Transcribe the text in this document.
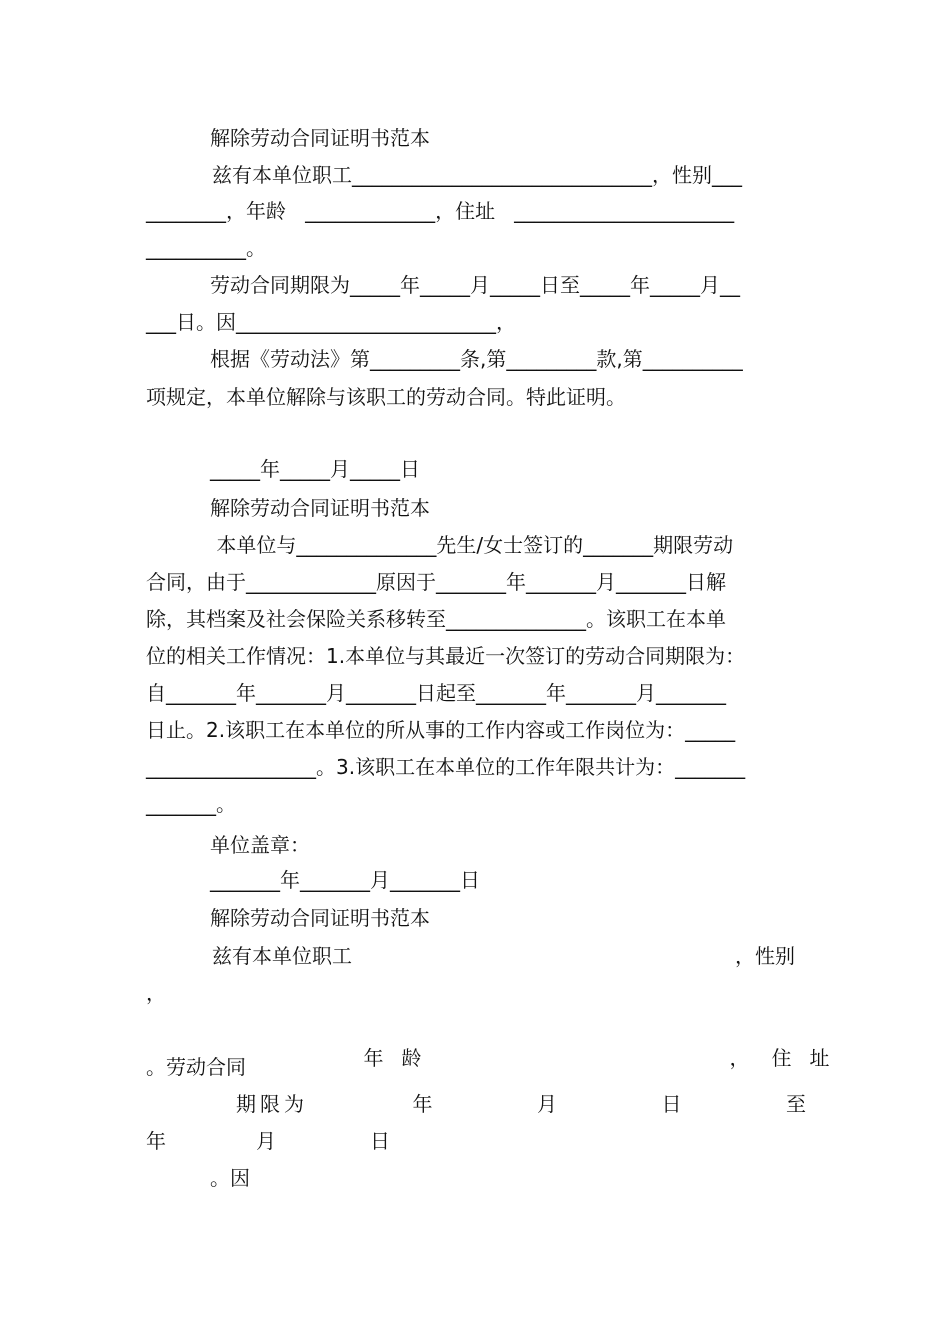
解除劳动合同证明书范本
兹有本单位职工______________________________，性别___
________，年龄   _____________，住址   ______________________
__________。
劳动合同期限为_____年_____月_____日至_____年_____月__
___日。因__________________________，
根据《劳动法》第_________条,第_________款,第__________
项规定，本单位解除与该职工的劳动合同。特此证明。
_____年_____月_____日
解除劳动合同证明书范本
本单位与______________先生/女士签订的_______期限劳动
合同，由于_____________原因于_______年_______月_______日解
除，其档案及社会保险关系移转至______________。该职工在本单
位的相关工作情况：1.本单位与其最近一次签订的劳动合同期限为：
自_______年_______月_______日起至_______年_______月_______
日止。2.该职工在本单位的所从事的工作内容或工作岗位为：_____
_________________。3.该职工在本单位的工作年限共计为：_______
_______。
单位盖章：
_______年_______月_______日
解除劳动合同证明书范本
兹有本单位职工	，性别
，

年 龄
	， 住 址

。劳动合同
期限为	年	月	日	至
年	月	日
。因
